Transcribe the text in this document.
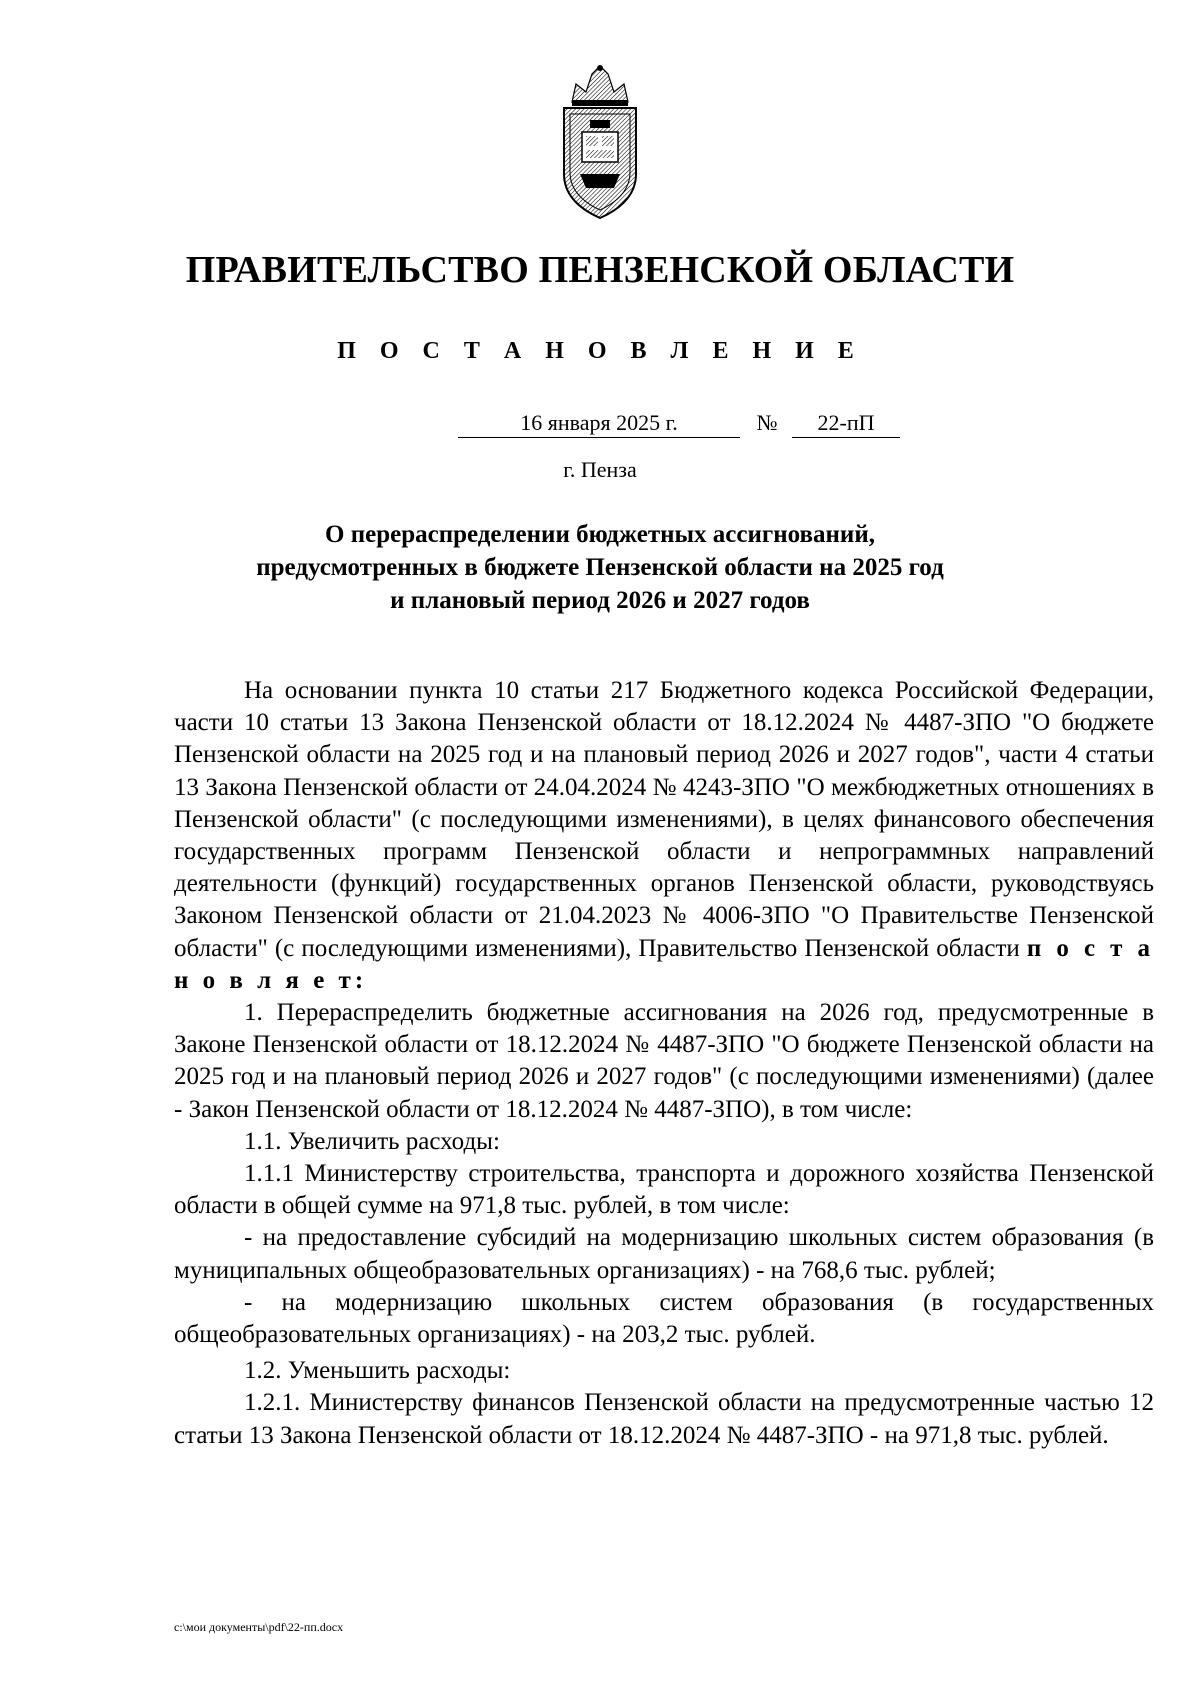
ПРАВИТЕЛЬСТВО ПЕНЗЕНСКОЙ ОБЛАСТИ
П О С Т А Н О В Л Е Н И Е
16 января 2025 г.	№	22-пП
г. Пенза
О перераспределении бюджетных ассигнований,
предусмотренных в бюджете Пензенской области на 2025 год
и плановый период 2026 и 2027 годов

На основании пункта 10 статьи 217 Бюджетного кодекса Российской Федерации, части 10 статьи 13 Закона Пензенской области от 18.12.2024 № 4487-ЗПО "О бюджете Пензенской области на 2025 год и на плановый период 2026 и 2027 годов", части 4 статьи 13 Закона Пензенской области от 24.04.2024 № 4243-ЗПО "О межбюджетных отношениях в Пензенской области" (с последующими изменениями), в целях финансового обеспечения государственных программ Пензенской области и непрограммных направлений деятельности (функций) государственных органов Пензенской области, руководствуясь Законом Пензенской области от 21.04.2023 № 4006-ЗПО "О Правительстве Пензенской области" (с последующими изменениями), Правительство Пензенской области п о с т а н о в л я е т:

1. Перераспределить бюджетные ассигнования на 2026 год, предусмотренные в Законе Пензенской области от 18.12.2024 № 4487-ЗПО "О бюджете Пензенской области на 2025 год и на плановый период 2026 и 2027 годов" (с последующими изменениями) (далее - Закон Пензенской области от 18.12.2024 № 4487-ЗПО), в том числе:

1.1. Увеличить расходы:

1.1.1 Министерству строительства, транспорта и дорожного хозяйства Пензенской области в общей сумме на 971,8 тыс. рублей, в том числе:

- на предоставление субсидий на модернизацию школьных систем образования (в муниципальных общеобразовательных организациях) - на 768,6 тыс. рублей;

- на модернизацию школьных систем образования (в государственных общеобразовательных организациях) - на 203,2 тыс. рублей.

1.2. Уменьшить расходы:

1.2.1. Министерству финансов Пензенской области на предусмотренные частью 12 статьи 13 Закона Пензенской области от 18.12.2024 № 4487-ЗПО - на 971,8 тыс. рублей.

c:\мои документы\pdf\22-пп.docx
